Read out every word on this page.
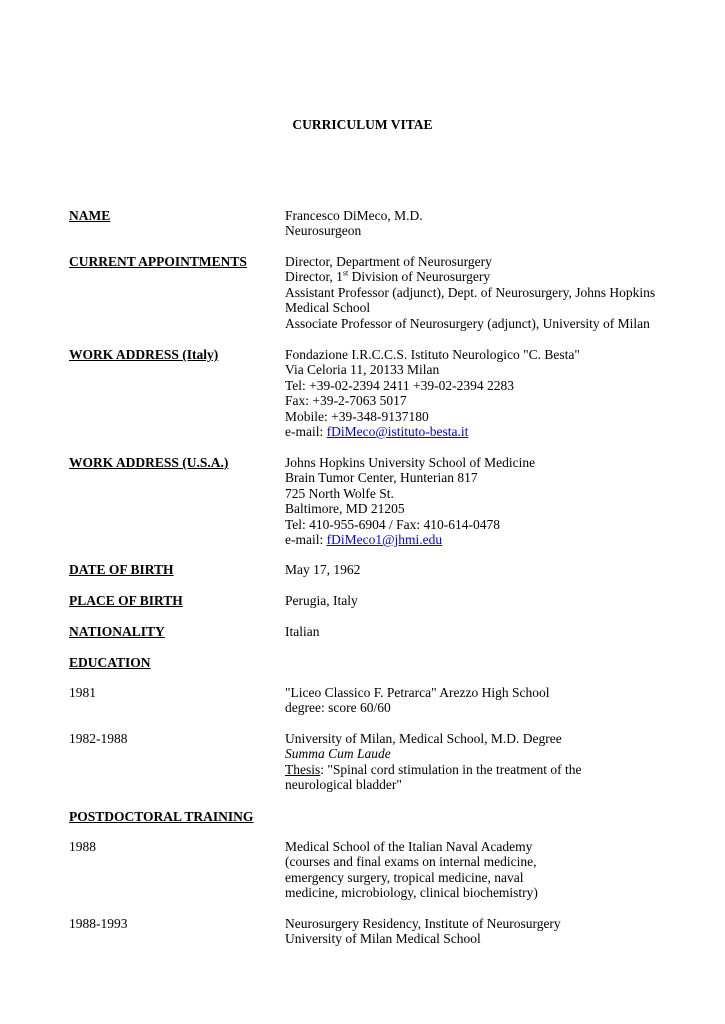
CURRICULUM VITAE
NAME	Francesco DiMeco, M.D.
Neurosurgeon
CURRENT APPOINTMENTS	Director, Department of Neurosurgery
Director, 1st Division of Neurosurgery
Assistant Professor (adjunct), Dept. of Neurosurgery, Johns Hopkins
Medical School
Associate Professor of Neurosurgery (adjunct), University of Milan
WORK ADDRESS (Italy)	Fondazione I.R.C.C.S. Istituto Neurologico "C. Besta"
Via Celoria 11, 20133 Milan
Tel: +39-02-2394 2411 +39-02-2394 2283
Fax: +39-2-7063 5017
Mobile: +39-348-9137180
e-mail: fDiMeco@istituto-besta.it
WORK ADDRESS (U.S.A.)	Johns Hopkins University School of Medicine
Brain Tumor Center, Hunterian 817
725 North Wolfe St.
Baltimore, MD 21205
Tel: 410-955-6904 / Fax: 410-614-0478
e-mail: fDiMeco1@jhmi.edu
DATE OF BIRTH	May 17, 1962
PLACE OF BIRTH	Perugia, Italy
NATIONALITY	Italian
EDUCATION
1981	"Liceo Classico F. Petrarca" Arezzo High School
degree: score 60/60
1982-1988	University of Milan, Medical School, M.D. Degree
Summa Cum Laude
Thesis: "Spinal cord stimulation in the treatment of the
neurological bladder"
POSTDOCTORAL TRAINING
1988	Medical School of the Italian Naval Academy
(courses and final exams on internal medicine,
emergency surgery, tropical medicine, naval
medicine, microbiology, clinical biochemistry)
1988-1993	Neurosurgery Residency, Institute of Neurosurgery
University of Milan Medical School
